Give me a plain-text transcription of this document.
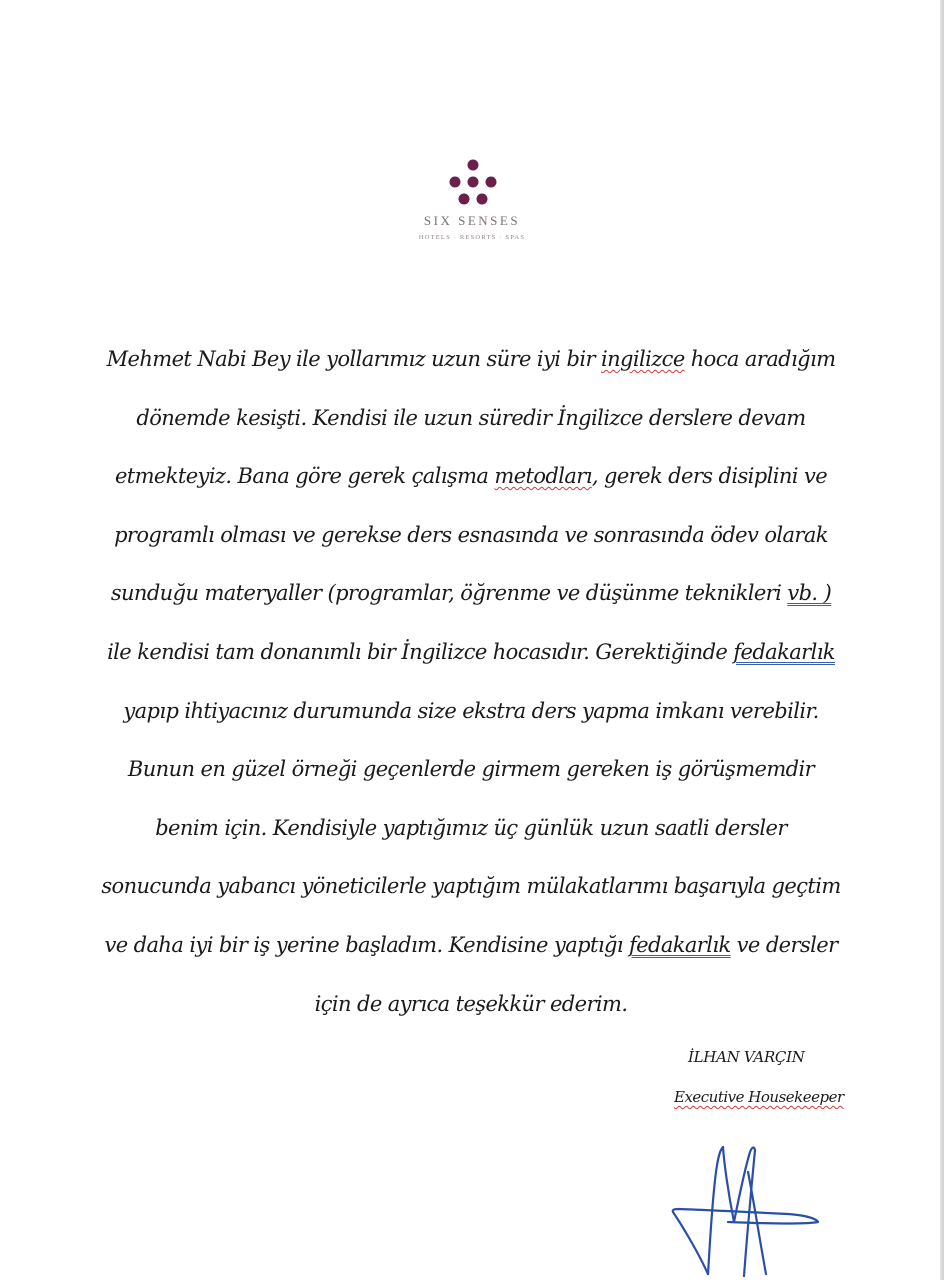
SIX SENSES
HOTELS · RESORTS · SPAS
Mehmet Nabi Bey ile yollarımız uzun süre iyi bir ingilizce hoca aradığım
dönemde kesişti. Kendisi ile uzun süredir İngilizce derslere devam
etmekteyiz. Bana göre gerek çalışma metodları, gerek ders disiplini ve
programlı olması ve gerekse ders esnasında ve sonrasında ödev olarak
sunduğu materyaller (programlar, öğrenme ve düşünme teknikleri vb. )
ile kendisi tam donanımlı bir İngilizce hocasıdır. Gerektiğinde fedakarlık
yapıp ihtiyacınız durumunda size ekstra ders yapma imkanı verebilir.
Bunun en güzel örneği geçenlerde girmem gereken iş görüşmemdir
benim için. Kendisiyle yaptığımız üç günlük uzun saatli dersler
sonucunda yabancı yöneticilerle yaptığım mülakatlarımı başarıyla geçtim
ve daha iyi bir iş yerine başladım. Kendisine yaptığı fedakarlık ve dersler
için de ayrıca teşekkür ederim.
İLHAN VARÇIN
Executive Housekeeper
